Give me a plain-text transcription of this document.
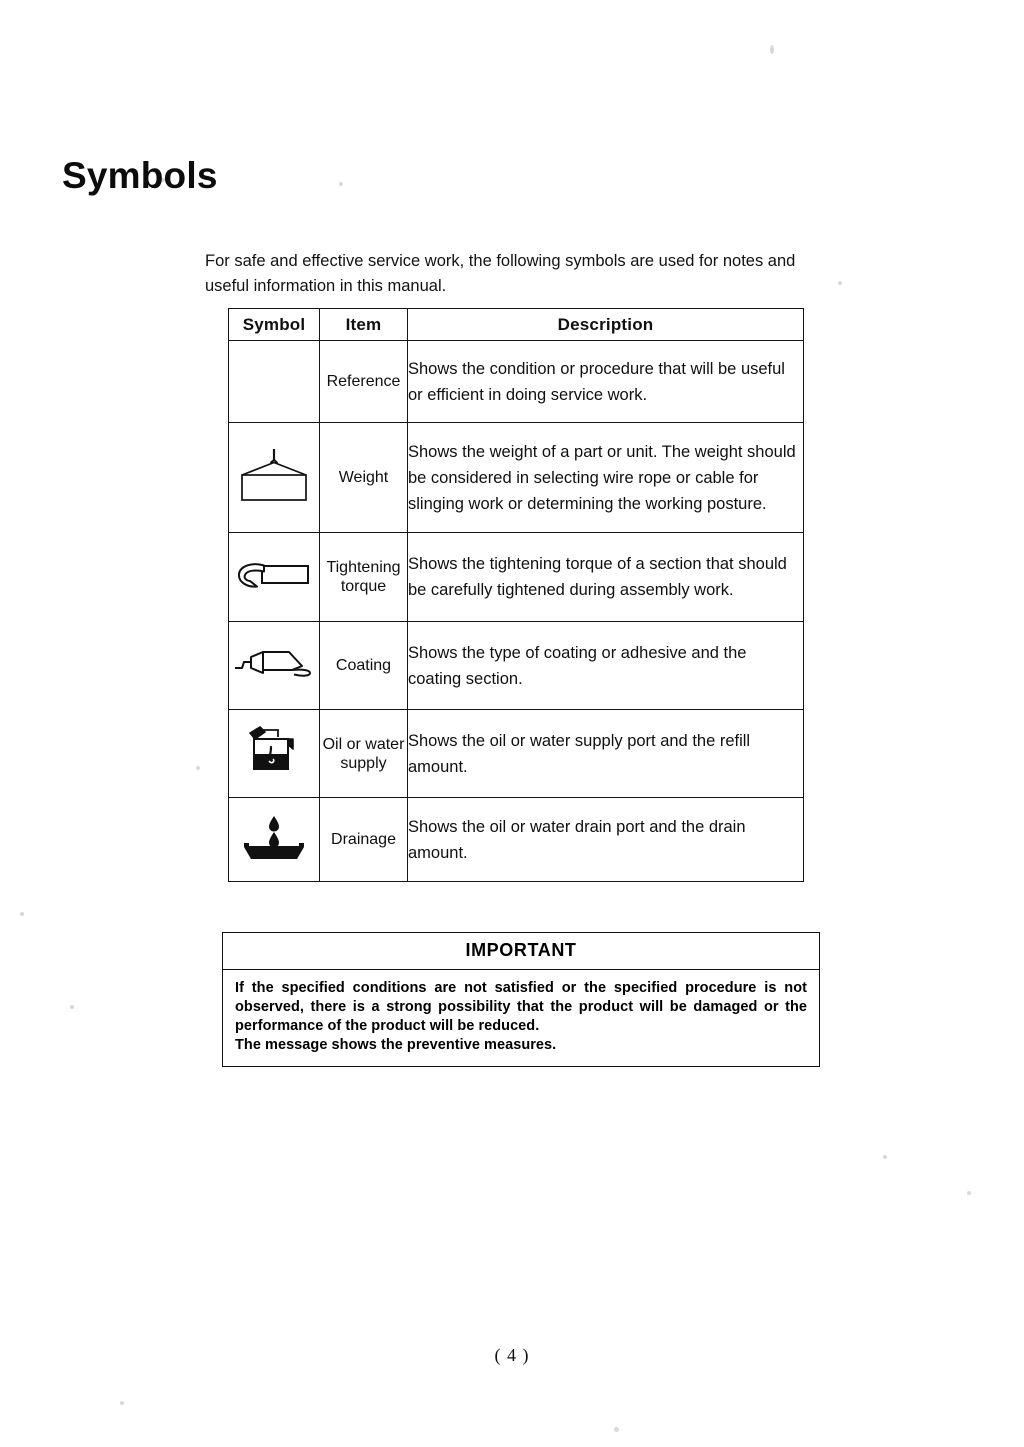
Symbols
For safe and effective service work, the following symbols are used for notes and useful information in this manual.
Symbol	Item	Description
	Reference	Shows the condition or procedure that will be useful or efficient in doing service work.
	Weight	Shows the weight of a part or unit. The weight should be considered in selecting wire rope or cable for slinging work or determining the working posture.
	Tightening torque	Shows the tightening torque of a section that should be carefully tightened during assembly work.
	Coating	Shows the type of coating or adhesive and the coating section.
	Oil or water supply	Shows the oil or water supply port and the refill amount.
	Drainage	Shows the oil or water drain port and the drain amount.
IMPORTANT
If the specified conditions are not satisfied or the specified procedure is not observed, there is a strong possibility that the product will be damaged or the performance of the product will be reduced.
The message shows the preventive measures.
( 4 )
